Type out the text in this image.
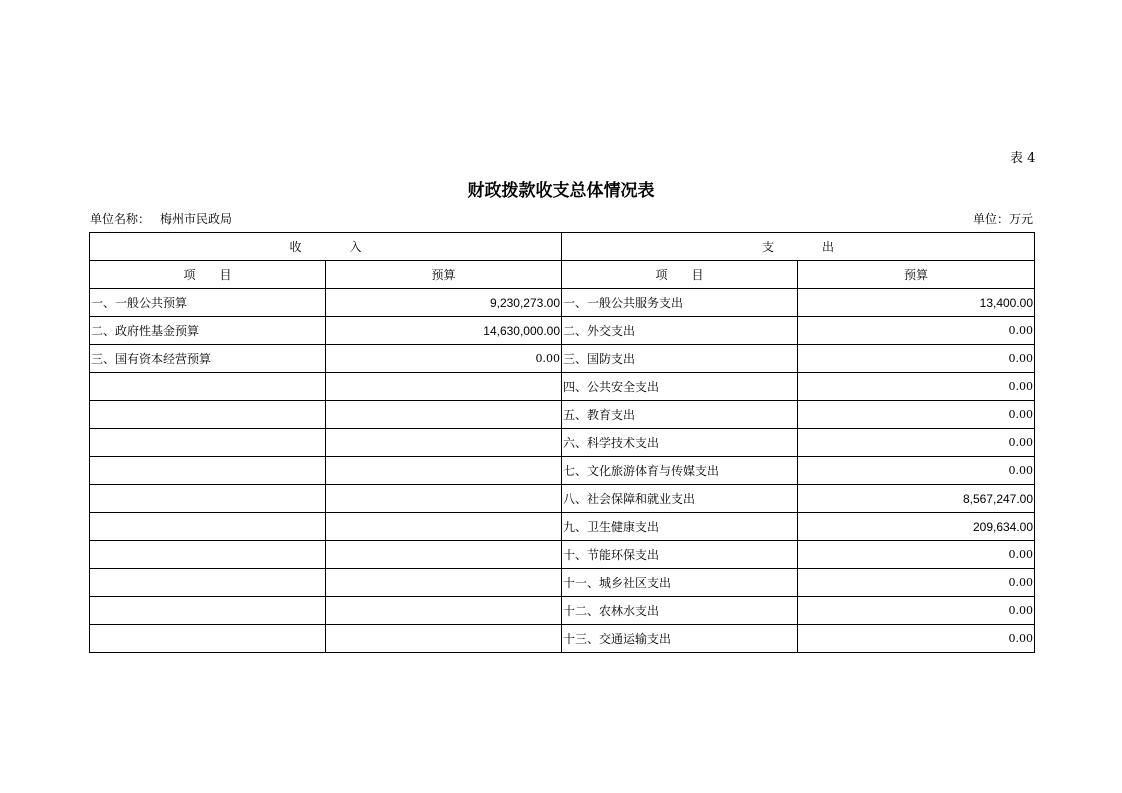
表 4
财政拨款收支总体情况表
单位名称： 梅州市民政局	单位：万元
收　　　　入		支　　　　出	
项　　目	预算	项　　目	预算
一、一般公共预算	9,230,273.00	一、一般公共服务支出	13,400.00
二、政府性基金预算	14,630,000.00	二、外交支出	0.00
三、国有资本经营预算	0.00	三、国防支出	0.00
		四、公共安全支出	0.00
		五、教育支出	0.00
		六、科学技术支出	0.00
		七、文化旅游体育与传媒支出	0.00
		八、社会保障和就业支出	8,567,247.00
		九、卫生健康支出	209,634.00
		十、节能环保支出	0.00
		十一、城乡社区支出	0.00
		十二、农林水支出	0.00
		十三、交通运输支出	0.00
